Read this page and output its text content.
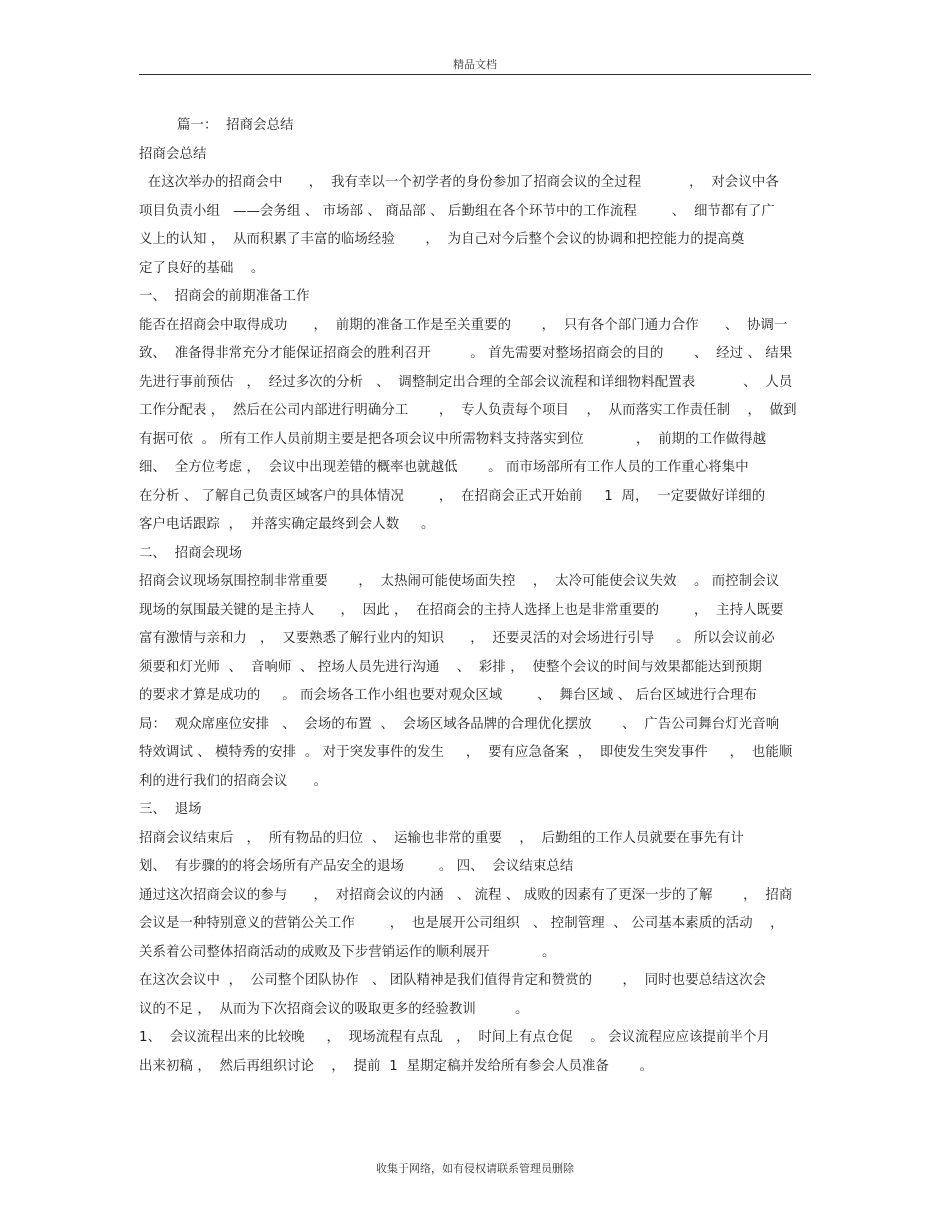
精品文档
篇一：  招商会总结
招商会总结
在这次举办的招商会中      ，  我有幸以一个初学者的身份参加了招商会议的全过程           ，  对会议中各
项目负责小组   ——会务组 、 市场部 、 商品部 、 后勤组在各个环节中的工作流程        、  细节都有了广
义上的认知 ，  从而积累了丰富的临场经验       ，  为自己对今后整个会议的协调和把控能力的提高奠
定了良好的基础    。
一、  招商会的前期准备工作
能否在招商会中取得成功      ，  前期的准备工作是至关重要的       ，  只有各个部门通力合作      、  协调一
致、  准备得非常充分才能保证招商会的胜利召开         。 首先需要对整场招商会的目的       、  经过 、 结果
先进行事前预估   ，  经过多次的分析   、  调整制定出合理的全部会议流程和详细物料配置表           、  人员
工作分配表 ，  然后在公司内部进行明确分工       ，  专人负责每个项目    ，  从而落实工作责任制    ，  做到
有据可依  。 所有工作人员前期主要是把各项会议中所需物料支持落实到位            ，  前期的工作做得越
细、  全方位考虑 ，  会议中出现差错的概率也就越低       。 而市场部所有工作人员的工作重心将集中
在分析 、 了解自己负责区域客户的具体情况        ，  在招商会正式开始前     1  周，  一定要做好详细的
客户电话跟踪  ，  并落实确定最终到会人数     。
二、  招商会现场
招商会议现场氛围控制非常重要       ，  太热闹可能使场面失控    ，  太冷可能使会议失效    。 而控制会议
现场的氛围最关键的是主持人      ，  因此 ，  在招商会的主持人选择上也是非常重要的        ，  主持人既要
富有激情与亲和力   ，  又要熟悉了解行业内的知识      ，  还要灵活的对会场进行引导     。 所以会议前必
须要和灯光师  、  音响师  、 控场人员先进行沟通    、  彩排 ，  使整个会议的时间与效果都能达到预期
的要求才算是成功的     。 而会场各工作小组也要对观众区域        、  舞台区域 、 后台区域进行合理布
局：  观众席座位安排   、  会场的布置  、  会场区域各品牌的合理优化摆放       、  广告公司舞台灯光音响
特效调试 、 模特秀的安排  。 对于突发事件的发生     ，  要有应急备案  ，  即使发生突发事件     ，  也能顺
利的进行我们的招商会议      。
三、  退场
招商会议结束后   ，  所有物品的归位  、  运输也非常的重要    ，  后勤组的工作人员就要在事先有计
划、  有步骤的的将会场所有产品安全的退场        。 四、  会议结束总结
通过这次招商会议的参与      ，  对招商会议的内涵   、 流程 、 成败的因素有了更深一步的了解       ，  招商
会议是一种特别意义的营销公关工作        ，  也是展开公司组织   、 控制管理  、 公司基本素质的活动    ，
关系着公司整体招商活动的成败及下步营销运作的顺利展开            。
在这次会议中  ，  公司整个团队协作   、 团队精神是我们值得肯定和赞赏的       ，  同时也要总结这次会
议的不足 ，  从而为下次招商会议的吸取更多的经验教训         。
1、  会议流程出来的比较晚     ，  现场流程有点乱   ，  时间上有点仓促    。 会议流程应应该提前半个月
出来初稿 ，  然后再组织讨论    ，  提前  1  星期定稿并发给所有参会人员准备       。
收集于网络，如有侵权请联系管理员删除
